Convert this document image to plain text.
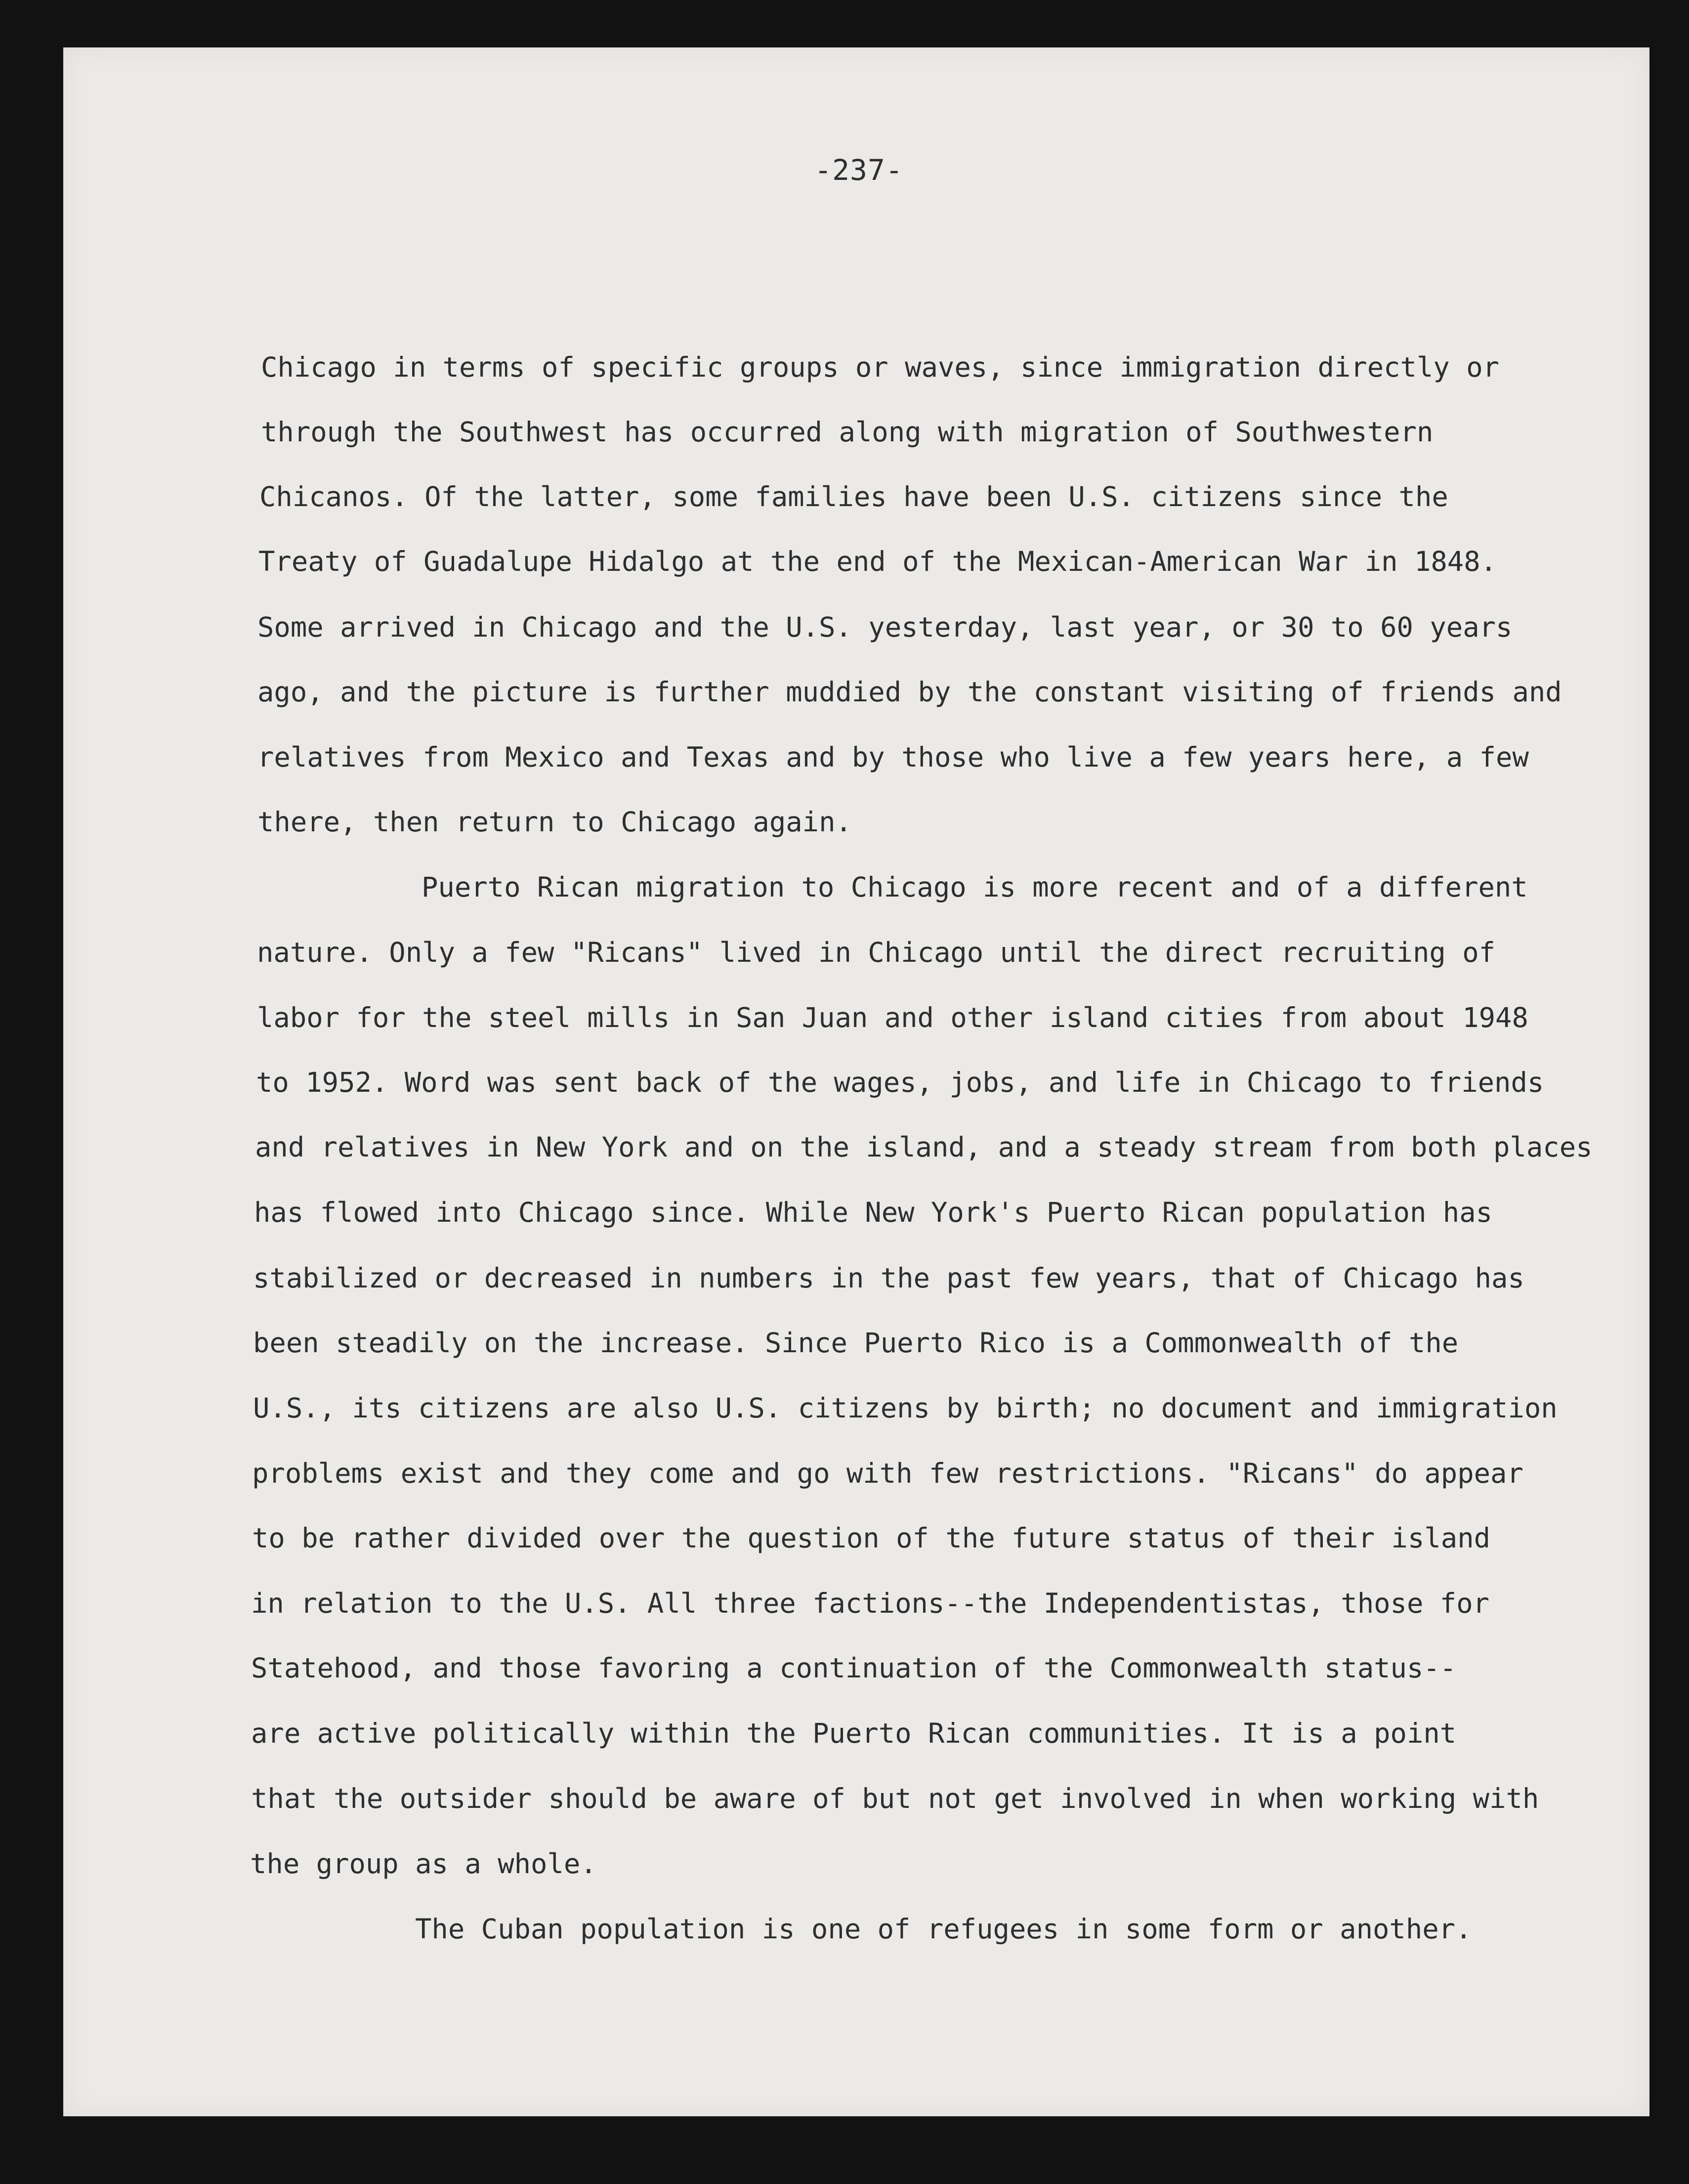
-237-
Chicago in terms of specific groups or waves, since immigration directly or
through the Southwest has occurred along with migration of Southwestern
Chicanos. Of the latter, some families have been U.S. citizens since the
Treaty of Guadalupe Hidalgo at the end of the Mexican-American War in 1848.
Some arrived in Chicago and the U.S. yesterday, last year, or 30 to 60 years
ago, and the picture is further muddied by the constant visiting of friends and
relatives from Mexico and Texas and by those who live a few years here, a few
there, then return to Chicago again.
Puerto Rican migration to Chicago is more recent and of a different
nature. Only a few "Ricans" lived in Chicago until the direct recruiting of
labor for the steel mills in San Juan and other island cities from about 1948
to 1952. Word was sent back of the wages, jobs, and life in Chicago to friends
and relatives in New York and on the island, and a steady stream from both places
has flowed into Chicago since. While New York's Puerto Rican population has
stabilized or decreased in numbers in the past few years, that of Chicago has
been steadily on the increase. Since Puerto Rico is a Commonwealth of the
U.S., its citizens are also U.S. citizens by birth; no document and immigration
problems exist and they come and go with few restrictions. "Ricans" do appear
to be rather divided over the question of the future status of their island
in relation to the U.S. All three factions--the Independentistas, those for
Statehood, and those favoring a continuation of the Commonwealth status--
are active politically within the Puerto Rican communities. It is a point
that the outsider should be aware of but not get involved in when working with
the group as a whole.
The Cuban population is one of refugees in some form or another.
